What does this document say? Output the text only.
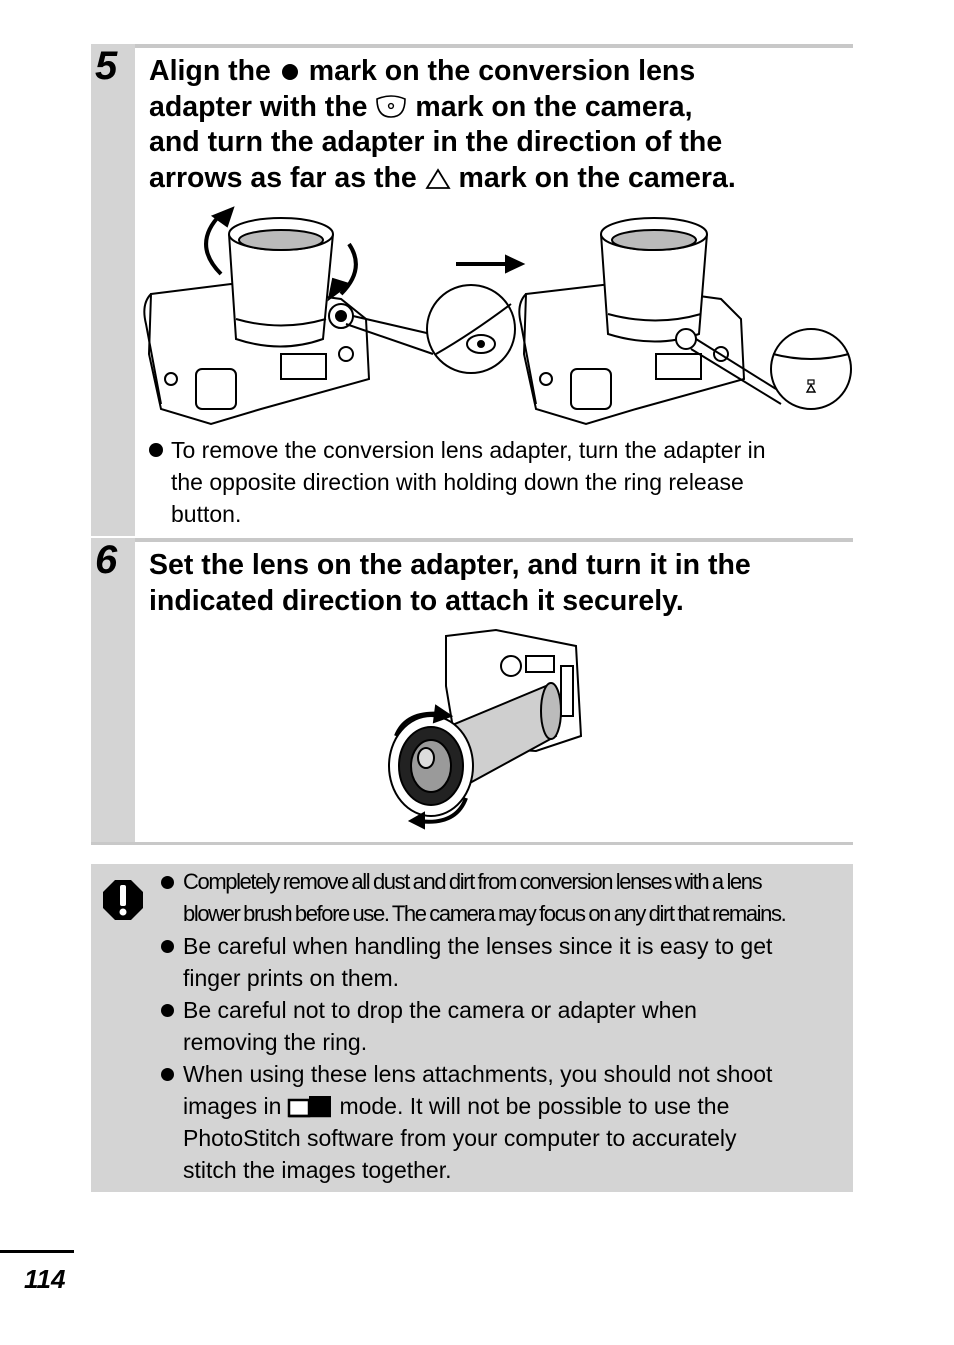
5 Align the  mark on the conversion lens
adapter with the  mark on the camera,
and turn the adapter in the direction of the
arrows as far as the  mark on the camera.
To remove the conversion lens adapter, turn the adapter in
the opposite direction with holding down the ring release
button.
6 Set the lens on the adapter, and turn it in the
indicated direction to attach it securely.
Completely remove all dust and dirt from conversion lenses with a lens
blower brush before use. The camera may focus on any dirt that remains.
Be careful when handling the lenses since it is easy to get
finger prints on them.
Be careful not to drop the camera or adapter when
removing the ring.
When using these lens attachments, you should not shoot
images in	mode. It will not be possible to use the
PhotoStitch software from your computer to accurately
stitch the images together.
114
